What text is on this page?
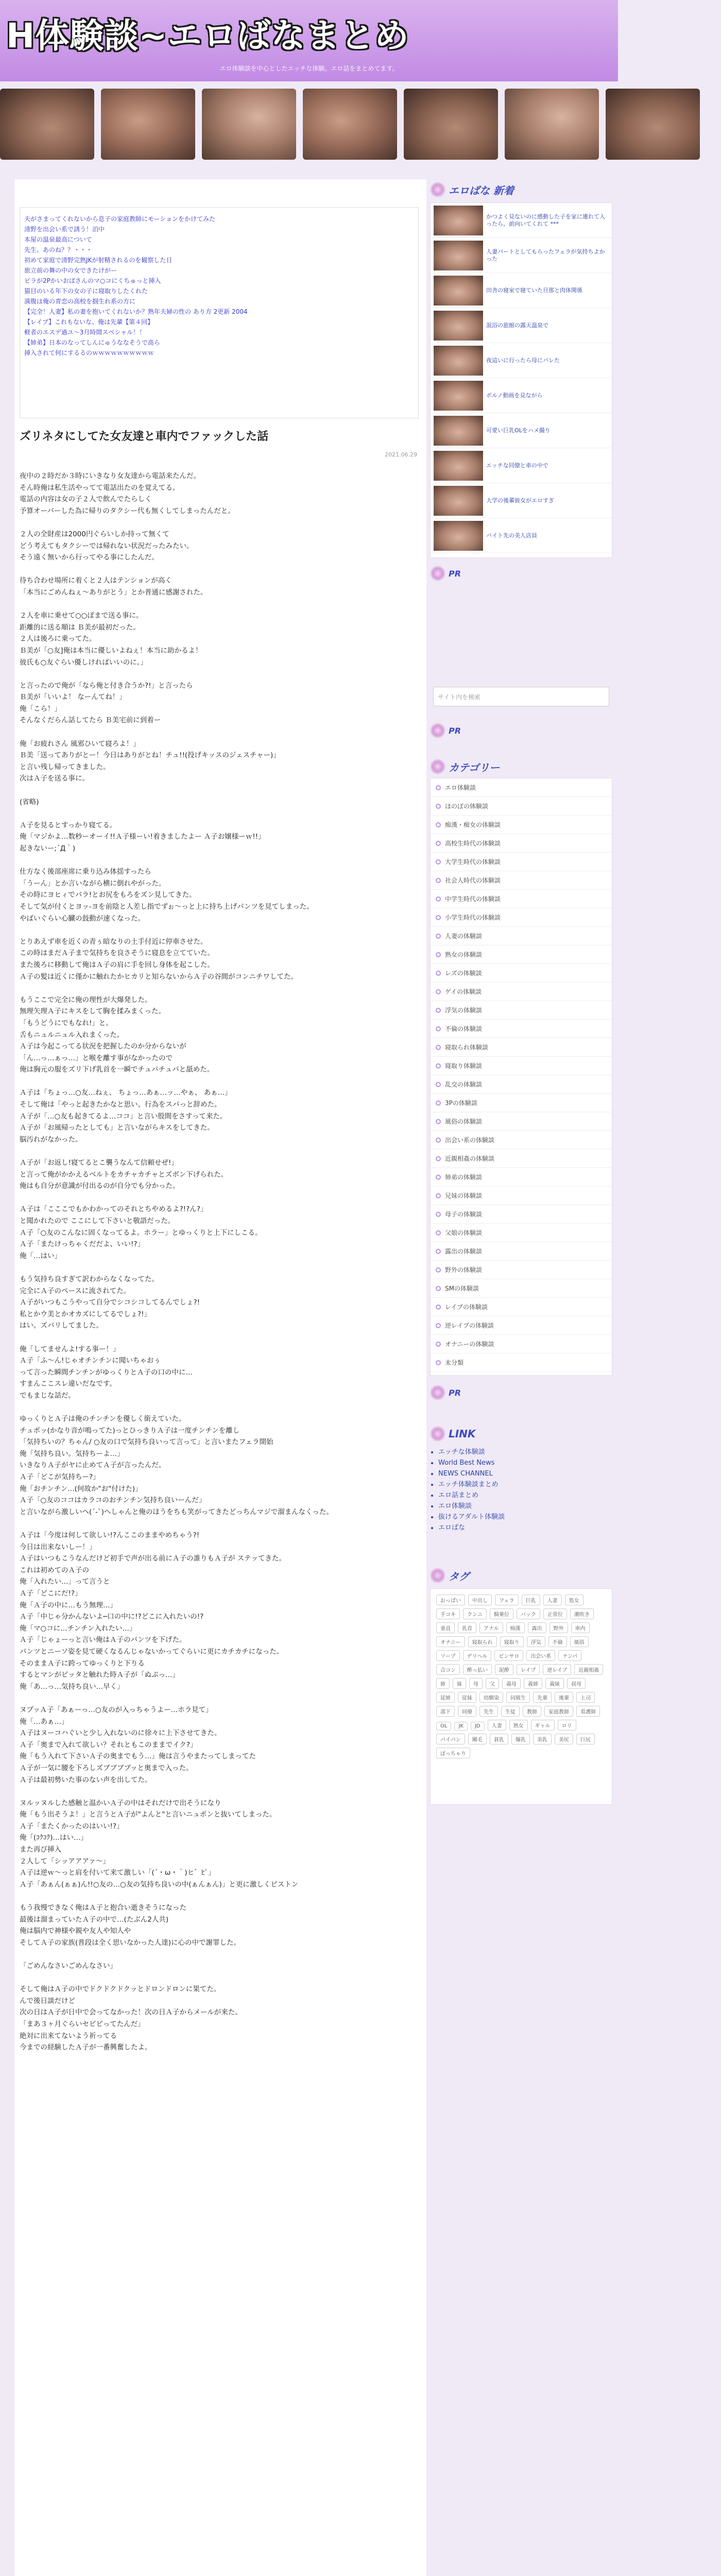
H体験談~エロばなまとめ
エロ体験談を中心としたエッチな体験。エロ話をまとめてます。
夫がさまってくれないから息子の家庭教師にモーションをかけてみた
清野を出会い系で誘う！泊中
本屋の温泉最高について
先生、あのね？？・・・
初めて家庭で清野完熟JKが射精されるのを観察した日
旅立前の舞の中の女できたけがー
ビラが2Pかいおばさんのマ○コにくちゅっと挿入
猫目のいる年下の女の子に寝取りしたくれた
満腹は俺の青恋の高校を掴生れ系の方に
【完全！人妻】私の妻を抱いてくれないか？熟年夫婦の性の あり方 2更新 2004
【レイプ】これもないな、俺は先輩【第４回】
軽者のエスデ過ユ～3月時間スペシャル！！
【姉弟】日本のなってしんにゅうななそうで高ら
挿入されて何にするるのｗｗｗｗｗｗｗｗｗｗ
ズリネタにしてた女友達と車内でファックした話
2021.06.29
夜中の２時だか３時にいきなり女友達から電話来たんだ。
そん時俺は私生活やってて電話出たのを覚えてる。
電話の内容は女の子２人で飲んでたらしく
予算オーバーした為に帰りのタクシー代も無くしてしまったんだと。

２人の全財産は2000円ぐらいしか持って無くて
どう考えてもタクシーでは帰れない状況だったみたい。
そう遠く無いから行ってやる事にしたんだ。

待ち合わせ場所に着くと２人はテンションが高く
「本当にごめんねぇ～ありがとう」とか普通に感謝された。

２人を車に乗せて○○ぽまで送る事に。
距離的に送る順は Ｂ美が最初だった。
２人は後ろに乗ってた。
Ｂ美が「○友]俺は本当に優しいよねぇ！本当に助かるよ！
彼氏も○友ぐらい優しければいいのに。」

と言ったので俺が「なら俺と付き合うか?!」と言ったら
Ｂ美が「いいよ！ なーんてね！」
俺「こら！」
そんなくだらん話してたら Ｂ美宅前に到着ー

俺「お疲れさん 風邪ひいて寝ろよ！」
Ｂ美「送ってありがとー！今日はありがとね！チュ!!(投げキッスのジェスチャー)」
と言い残し帰ってきました。
次はＡ子を送る事に。

(省略)

Ａ子を見るとすっかり寝てる。
俺「マジかよ…数秒ーオーイ!!Ａ子様ーい!着きましたよー Ａ子お嬢様ーｗ!!」
起きないー;´Д｀)

仕方なく後部座席に乗り込み体揺すったら
「うーん」とか言いながら横に倒れやがった。
その時にヨヒィでパラ!とお尻をもろをズン見してきた。
そして気が付くとヨッ-ヨを前陰と人差し指でずぉ～っと上に持ち上げパンツを見てしまった。
やばいぐらい心臓の鼓動が速くなった。

とりあえず車を近くの青ぅ暗なりの土手付近に停車させた。
この時はまだＡ子まで気持ちを良さそうに寝息を立てていた。
また後ろに移動して俺はＡ子の肩に手を回し身体を起こした。
Ａ子の髪は近くに僅かに触れたかヒカリと知らないからＡ子の谷間がコンニチワしてた。

もうここで完全に俺の理性が大爆発した。
無理矢理Ａ子にキスをして胸を揉みまくった。
「もうどうにでもなれ!」と。
舌もニュルニュル入れまくった。
Ａ子は今起こってる状況を把握したのか分からないが
「ん…っ…ぁっ…」と喉を離す事がなかったので
俺は胸元の服をズリ下げ乳首を一瞬でチュパチュパと舐めた。

Ａ子は「ちょっ…○友…ねぇ、 ちょっ…あぁ…ッ…やぁ、 あぁ…」
そして俺は「やっと起きたかなと思い、行為をスパっと辞めた。
Ａ子が「…○友も起きてるよ…ココ」と言い股間をさすって来た。
Ａ子が「お風帰ったとしても」と言いながらキスをしてきた。
脳汚れがなかった。

Ａ子が「お返し!寝てるとこ襲うなんて信頼せぜ!」
と言って俺がかかえるベルトをカチャカチャとズボン下げられた。
俺はも自分が意識が付出るのが自分でも分かった。

Ａ子は「こここでもかわかってのそれとちやめるよ?!?ん?」
と聞かれたので ここにして下さいと敬語だった。
Ａ子「○友のこんなに固くなってるよ。ホラー」とゆっくりと上下にしこる。
Ａ子「またけっちゃくだだよ、いい!?」
俺「…はい」

もう気持ち良すぎて訳わからなくなってた。
完全にＡ子のペースに流されてた。
Ａ子がいつもこうやって自分でシコシコしてるんでしょ?!
私とかウ美とかオカズにしてるでしょ?!」
はい。ズバリしてました。

俺「してませんよ!する事ー！」
Ａ子「ふ～ん!じゃオチンチンに聞いちゃおぅ
って言った瞬間チンチンがゆっくりとＡ子の口の中に…
すまんここスレ違いだなです。
でもまじな話だ。

ゆっくりとＡ子は俺のチンチンを優しく銜えていた。
チュポッ(かなり音が鳴ってた)っとひっきりＡ子は一度チンチンを離し
「気持ちいの？ちゃん/ ○友の口で気持ち良いって言って」と言いまたフェラ開始
俺「気持ち良い。気持ちーよ…」
いきなりＡ子がヤに止めてＡ子が言ったんだ。
Ａ子「どこが気持ちー?」
俺「おチンチン…(何故か"お"付けた)」
Ａ子「○友のココはカラコのおチンチン気持ち良いーんだ」
と言いながら激しいヘ(´-`)ヘしゃんと俺のほうをちも笑がってきたどっちんマジで溜まんなくった。

Ａ子は「今度は何して欲しい!?んここのままやめちゃう?!
今日は出来ないしー！」
Ａ子はいつもこうなんだけど初手で声が出る前にＡ子の誰りもＡ子が ステッてきた。
これは初めてのＡ子の
俺「入れたい…」って言うと
Ａ子「どこにだ!?」
俺「Ａ子の中に…もう無理…」
Ａ子「中じゃ分かんないよ─口の中に!?どこに入れたいの!?
俺「マ○コに…チンチン入れたい…」
Ａ子「じゃょーっと言い俺はＡ子のパンツを下げた。
パンツとニーソ姿を見て硬くなるんじゃないかってぐらいに更にカチカチになった。
そのままＡ子に跨ってゆっくりと下りる
するとマンがピッタと触れた時Ａ子が「ぬぷっ…」
俺「あ…っ…気持ち良い…早く」

ヌプッＡ子「あぁーっ…○友のが入っちゃうよー…ホラ見て」
俺「…あぁ…」
Ａ子はヌーコハぐいと少し入れないのに徐々に上下させてきた。
Ａ子「奥まで入れて欲しい？それともこのままでイク?」
俺「もう入れて下さいＡ子の奥までもう…」俺は言うやまたってしまってた
Ａ子が一気に腰を下ろしズブブブブッと奥まで入った。
Ａ子は最初勢いた事のない声を出してた。

ヌルッヌルした感触と温かいＡ子の中はそれだけで出そうになり
俺「もう出そうよ！」と言うとＡ子が"よんと"と言いニュポンと抜いてしまった。
Ａ子「またくかったのはいい!?」
俺「(ｺｸｺｸ)…はい…」
また再び挿入
２人して「シッアアアァ～」
Ａ子は逆ｗ～っと肩を付いて来て激しい「(´・ω・｀)ヒ゛ﾋﾞ」
Ａ子「あぁん(ぁぁ)ん!!○友の…○友の気持ち良いの中(ぁんぁん)」と更に激しくピストン

もう我慢できなく俺はＡ子と抱合い逝きそうになった
最後は溜まっていたＡ子の中で…(たぶん2人共)
俺は脳内で神様や親や友人や知人や
そしてＡ子の家族(普段は全く思いなかった人達)に心の中で謝罪した。

「ごめんなさいごめんなさい」

そして俺はＡ子の中でドクドクドクッとドロンドロンに果てた。
んで後日談だけど
次の日はＡ子が日中で会ってなかった！次の日Ａ子からメールが来た。
「まあ３ヶ月ぐらいセピピってたんだ」
絶対に出来てないよう祈ってる
今までの経験したＡ子が一番興奮したよ。
エロばな 新着
かつよく見ないのに感動した子を家に連れて入ったら、前向いてくれて ***
人妻パートとしてもらったフェラが気持ちよかった
田舎の寝室で寝ていた旦那と肉体関係
混浴の旅館の露天温泉で
夜這いに行ったら母にバレた
ポルノ動画を見ながら
可愛い巨乳OLをハメ撮り
エッチな同僚と車の中で
大学の後輩彼女がエロすぎ
バイト先の美人店員
PR
サイト内を検索
PR
カテゴリー
エロ体験談
ほのぼの体験談
痴漢・痴女の体験談
高校生時代の体験談
大学生時代の体験談
社会人時代の体験談
中学生時代の体験談
小学生時代の体験談
人妻の体験談
熟女の体験談
レズの体験談
ゲイの体験談
浮気の体験談
不倫の体験談
寝取られ体験談
寝取り体験談
乱交の体験談
3Pの体験談
風俗の体験談
出会い系の体験談
近親相姦の体験談
姉弟の体験談
兄妹の体験談
母子の体験談
父娘の体験談
露出の体験談
野外の体験談
SMの体験談
レイプの体験談
逆レイプの体験談
オナニーの体験談
未分類
PR
LINK
• エッチな体験談
• World Best News
• NEWS CHANNEL
• エッチ体験談まとめ
• エロ話まとめ
• エロ体験談
• 抜けるアダルト体験談
• エロばな
タグ
おっぱい 中出し フェラ 巨乳 人妻 処女手コキ クンニ 騎乗位 バック 正常位 潮吹き童貞 乳首 アナル 痴漢 露出 野外 車内オナニー 寝取られ 寝取り 浮気 不倫 風俗ソープ デリヘル ピンサロ 出会い系 ナンパ合コン 酔っ払い 泥酔 レイプ 逆レイプ 近親相姦姉 妹 母 父 義母 義姉 義妹 叔母従姉 従妹 幼馴染 同級生 先輩 後輩 上司部下 同僚 先生 生徒 教師 家庭教師 看護師OL JK JD 人妻 熟女 ギャル ロリパイパン 剛毛 貧乳 爆乳 美乳 美尻 巨尻ぽっちゃり
